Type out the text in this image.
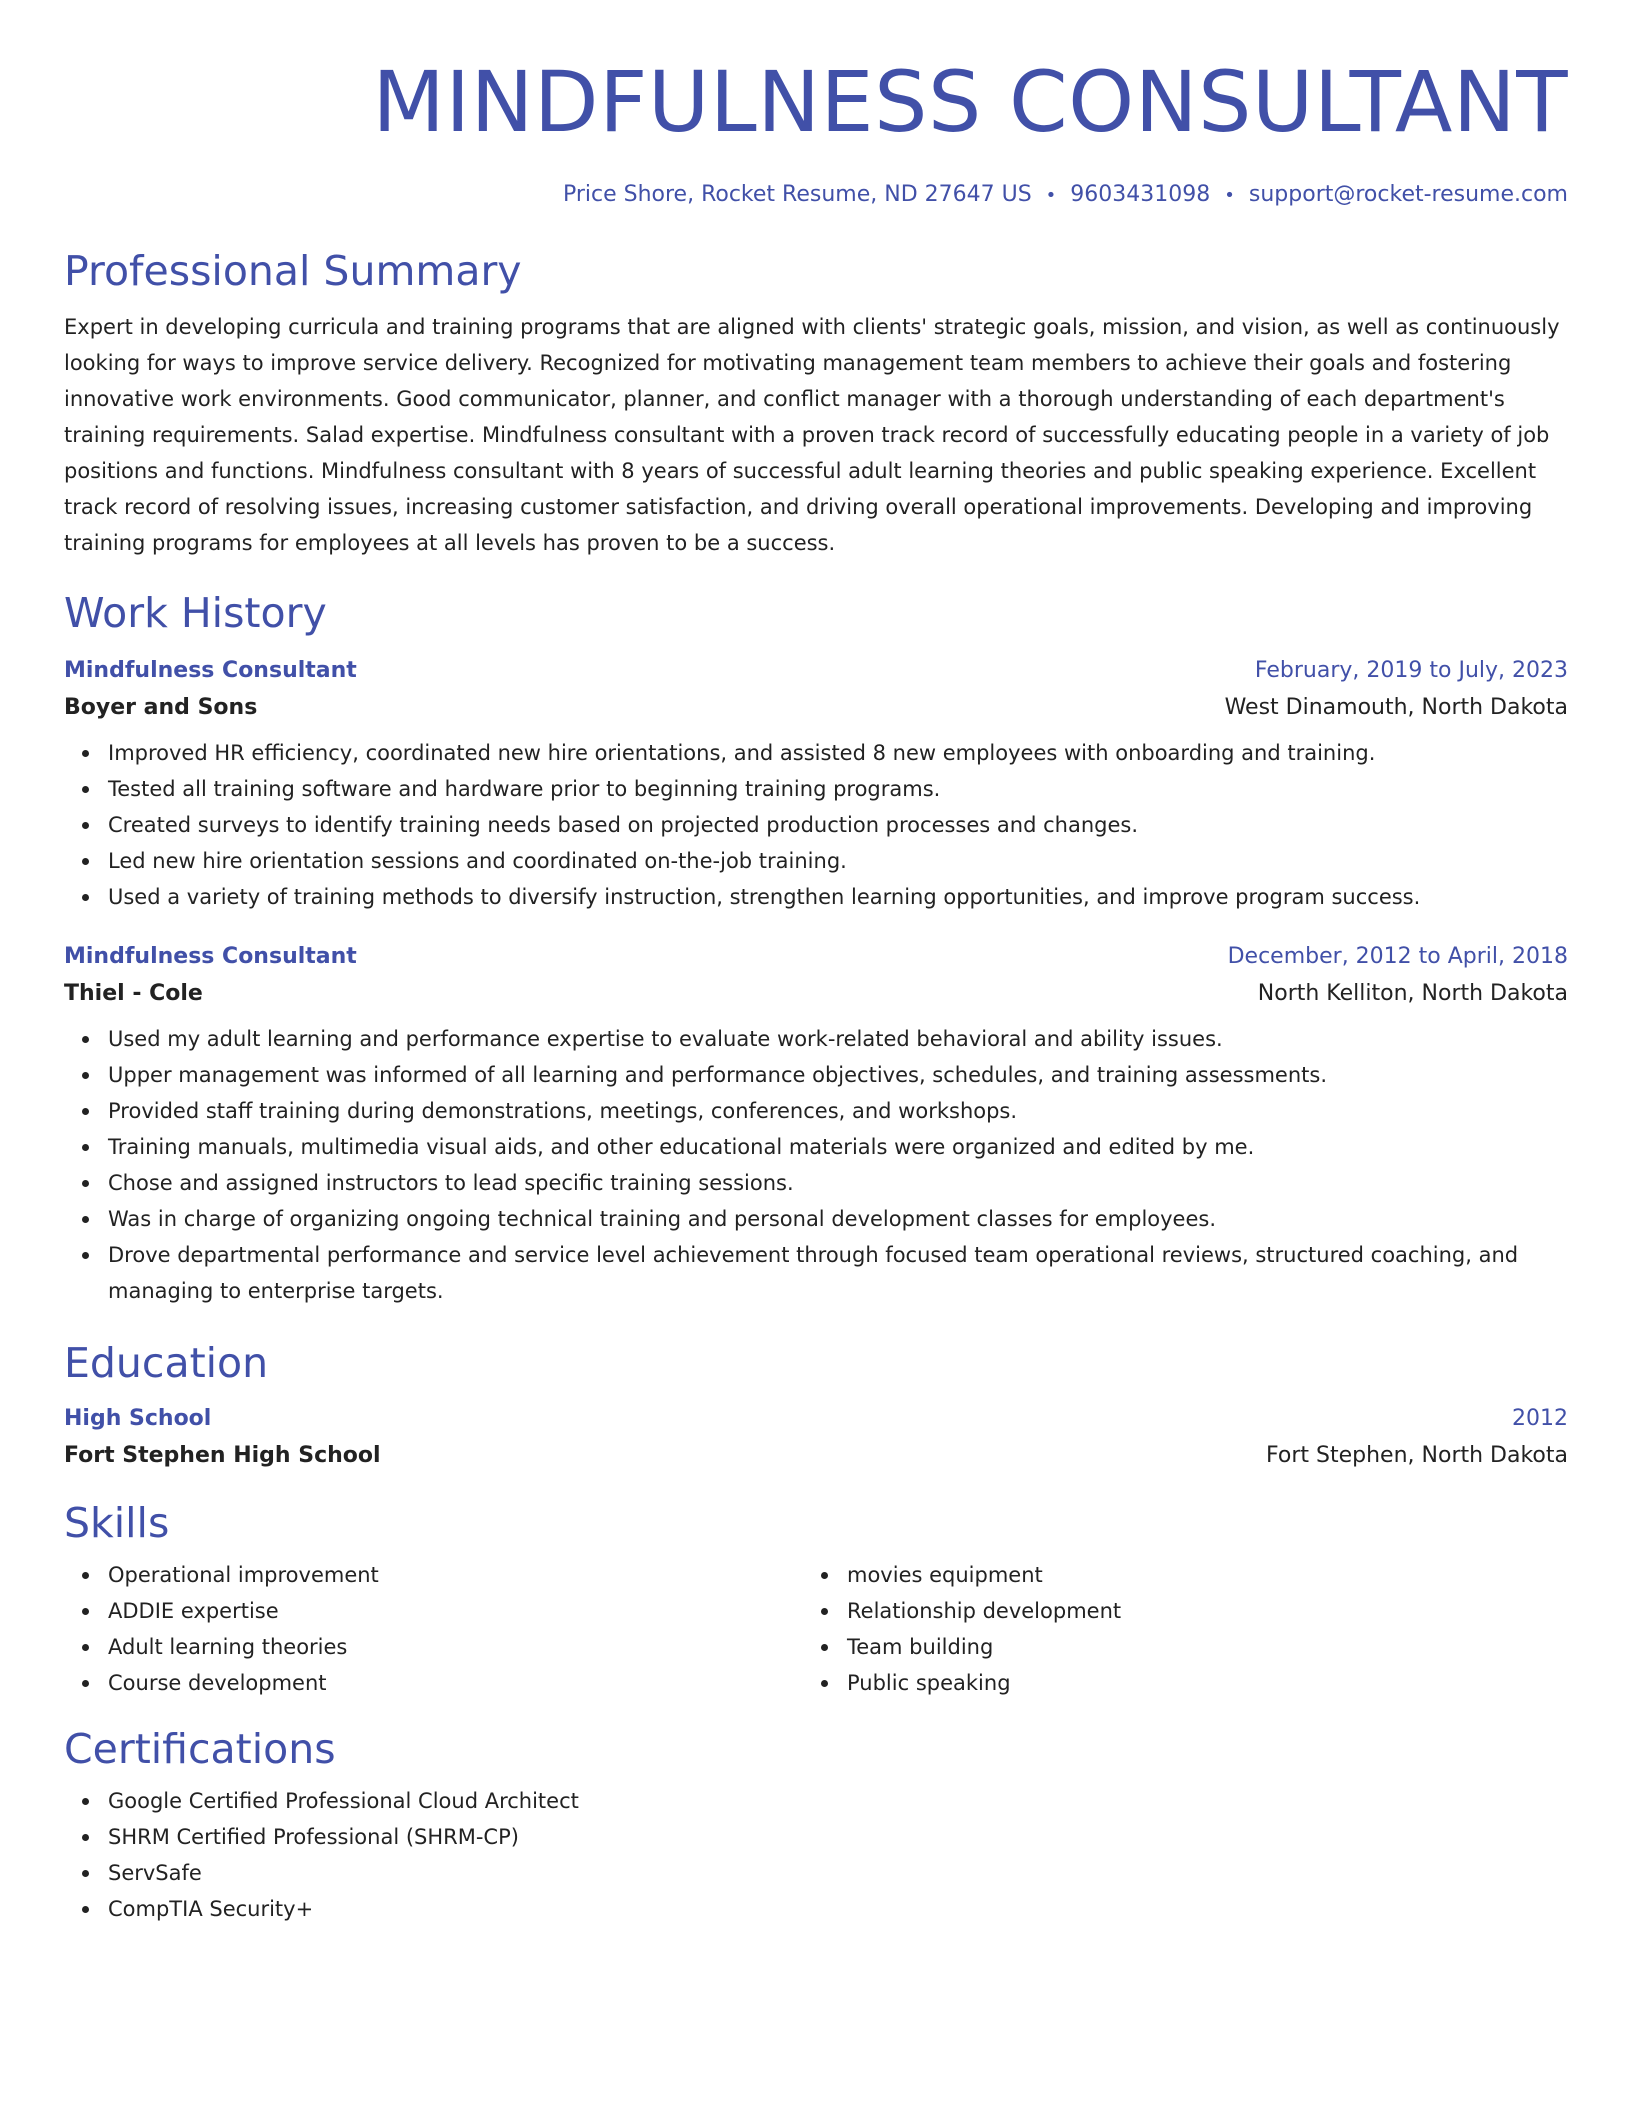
MINDFULNESS CONSULTANT
Price Shore, Rocket Resume, ND 27647 US • 9603431098 • support@rocket-resume.com
Professional Summary
Expert in developing curricula and training programs that are aligned with clients' strategic goals, mission, and vision, as well as continuously looking for ways to improve service delivery. Recognized for motivating management team members to achieve their goals and fostering innovative work environments. Good communicator, planner, and conflict manager with a thorough understanding of each department's training requirements. Salad expertise. Mindfulness consultant with a proven track record of successfully educating people in a variety of job positions and functions. Mindfulness consultant with 8 years of successful adult learning theories and public speaking experience. Excellent track record of resolving issues, increasing customer satisfaction, and driving overall operational improvements. Developing and improving training programs for employees at all levels has proven to be a success.
Work History
Mindfulness Consultant	February, 2019 to July, 2023
Boyer and Sons	West Dinamouth, North Dakota
Improved HR efficiency, coordinated new hire orientations, and assisted 8 new employees with onboarding and training.
Tested all training software and hardware prior to beginning training programs.
Created surveys to identify training needs based on projected production processes and changes.
Led new hire orientation sessions and coordinated on-the-job training.
Used a variety of training methods to diversify instruction, strengthen learning opportunities, and improve program success.
Mindfulness Consultant	December, 2012 to April, 2018
Thiel - Cole	North Kelliton, North Dakota
Used my adult learning and performance expertise to evaluate work-related behavioral and ability issues.
Upper management was informed of all learning and performance objectives, schedules, and training assessments.
Provided staff training during demonstrations, meetings, conferences, and workshops.
Training manuals, multimedia visual aids, and other educational materials were organized and edited by me.
Chose and assigned instructors to lead specific training sessions.
Was in charge of organizing ongoing technical training and personal development classes for employees.
Drove departmental performance and service level achievement through focused team operational reviews, structured coaching, and managing to enterprise targets.
Education
High School	2012
Fort Stephen High School	Fort Stephen, North Dakota
Skills
Operational improvement
ADDIE expertise
Adult learning theories
Course development
movies equipment
Relationship development
Team building
Public speaking
Certifications
Google Certified Professional Cloud Architect
SHRM Certified Professional (SHRM-CP)
ServSafe
CompTIA Security+
